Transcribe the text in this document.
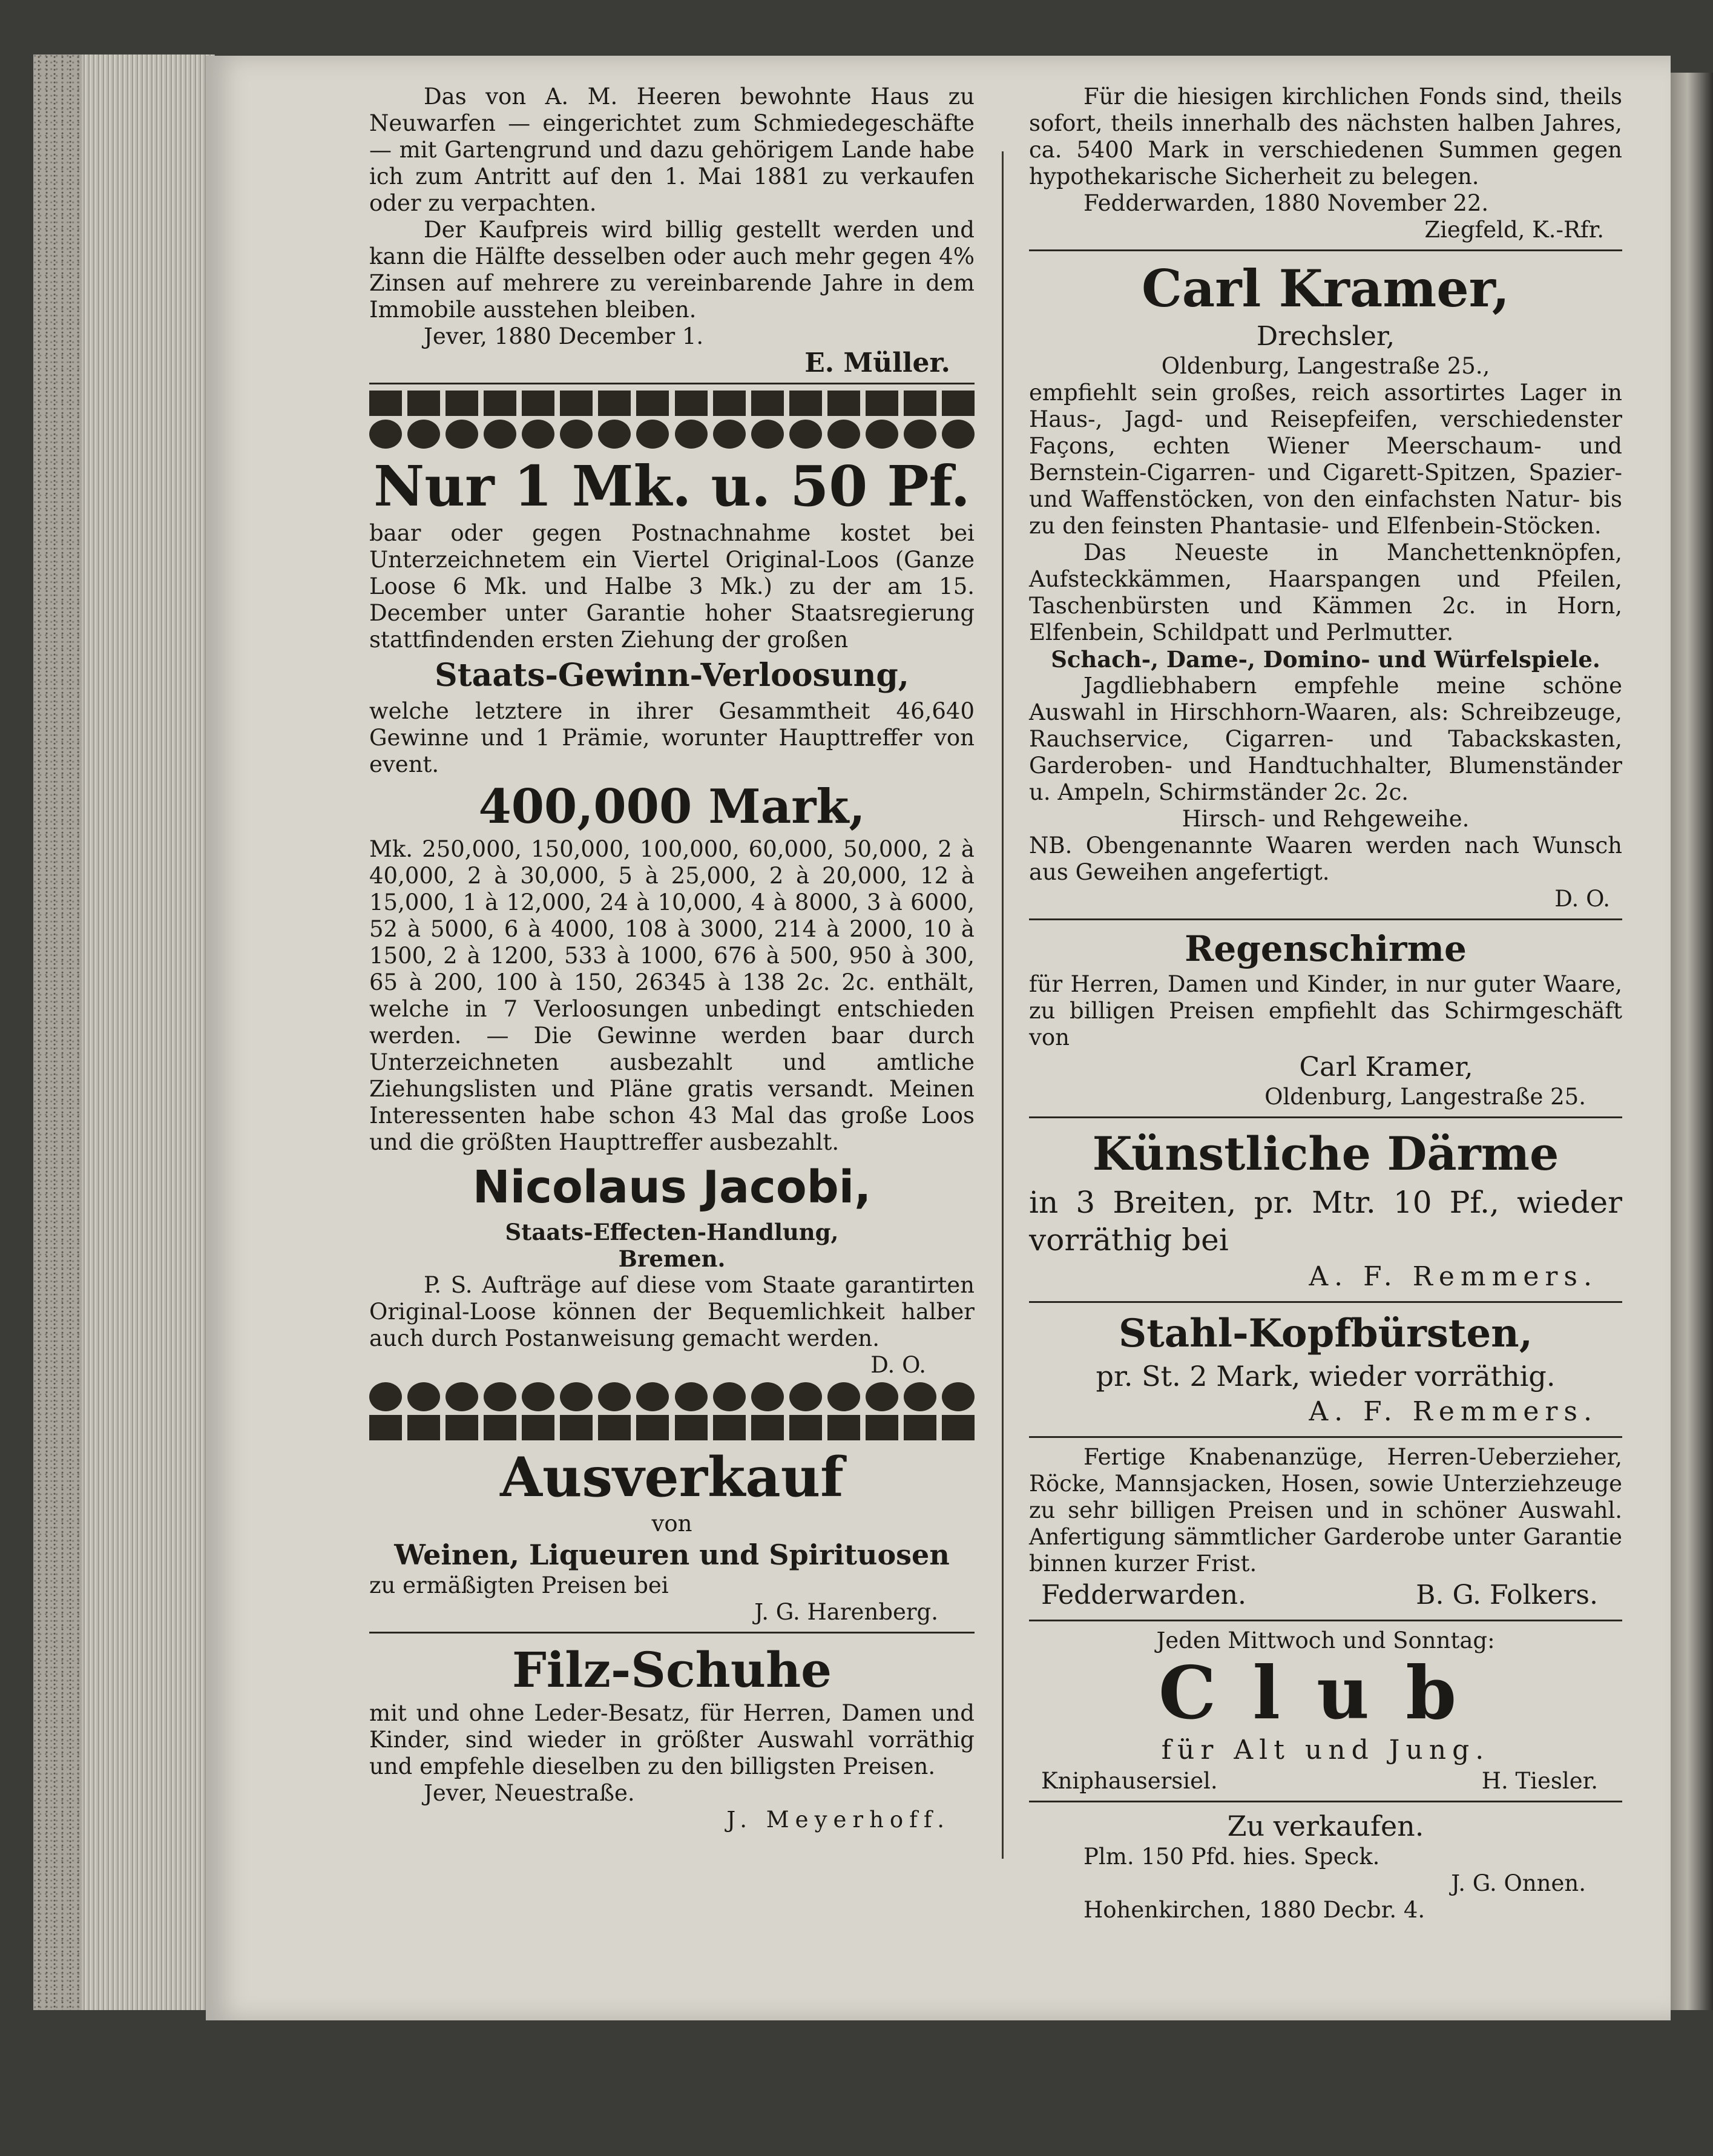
Das von A. M. Heeren bewohnte Haus zu Neuwarfen — eingerichtet zum Schmiedegeschäfte — mit Gartengrund und dazu gehörigem Lande habe ich zum Antritt auf den 1. Mai 1881 zu verkaufen oder zu verpachten.

Der Kaufpreis wird billig gestellt werden und kann die Hälfte desselben oder auch mehr gegen 4% Zinsen auf mehrere zu vereinbarende Jahre in dem Immobile ausstehen bleiben.

Jever, 1880 December 1.

E. Müller.

Nur 1 Mk. u. 50 Pf.

baar oder gegen Postnachnahme kostet bei Unterzeichnetem ein Viertel Original-Loos (Ganze Loose 6 Mk. und Halbe 3 Mk.) zu der am 15. December unter Garantie hoher Staatsregierung stattfindenden ersten Ziehung der großen

Staats-Gewinn-Verloosung,

welche letztere in ihrer Gesammtheit 46,640 Gewinne und 1 Prämie, worunter Haupttreffer von event.

400,000 Mark,

Mk. 250,000, 150,000, 100,000, 60,000, 50,000, 2 à 40,000, 2 à 30,000, 5 à 25,000, 2 à 20,000, 12 à 15,000, 1 à 12,000, 24 à 10,000, 4 à 8000, 3 à 6000, 52 à 5000, 6 à 4000, 108 à 3000, 214 à 2000, 10 à 1500, 2 à 1200, 533 à 1000, 676 à 500, 950 à 300, 65 à 200, 100 à 150, 26345 à 138 2c. 2c. enthält, welche in 7 Verloosungen unbedingt entschieden werden. — Die Gewinne werden baar durch Unterzeichneten ausbezahlt und amtliche Ziehungslisten und Pläne gratis versandt. Meinen Interessenten habe schon 43 Mal das große Loos und die größten Haupttreffer ausbezahlt.

Nicolaus Jacobi,

Staats-Effecten-Handlung,

Bremen.

P. S. Aufträge auf diese vom Staate garantirten Original-Loose können der Bequemlichkeit halber auch durch Postanweisung gemacht werden.

D. O.

Ausverkauf

von

Weinen, Liqueuren und Spirituosen

zu ermäßigten Preisen bei

J. G. Harenberg.

Filz-Schuhe

mit und ohne Leder-Besatz, für Herren, Damen und Kinder, sind wieder in größter Auswahl vorräthig und empfehle dieselben zu den billigsten Preisen.

Jever, Neuestraße.

J. Meyerhoff.

Für die hiesigen kirchlichen Fonds sind, theils sofort, theils innerhalb des nächsten halben Jahres, ca. 5400 Mark in verschiedenen Summen gegen hypothekarische Sicherheit zu belegen.

Fedderwarden, 1880 November 22.

Ziegfeld, K.-Rfr.

Carl Kramer,

Drechsler,

Oldenburg, Langestraße 25.,

empfiehlt sein großes, reich assortirtes Lager in Haus-, Jagd- und Reisepfeifen, verschiedenster Façons, echten Wiener Meerschaum- und Bernstein-Cigarren- und Cigarett-Spitzen, Spazier- und Waffenstöcken, von den einfachsten Natur- bis zu den feinsten Phantasie- und Elfenbein-Stöcken.

Das Neueste in Manchettenknöpfen, Aufsteckkämmen, Haarspangen und Pfeilen, Taschenbürsten und Kämmen 2c. in Horn, Elfenbein, Schildpatt und Perlmutter.

Schach-, Dame-, Domino- und Würfelspiele.

Jagdliebhabern empfehle meine schöne Auswahl in Hirschhorn-Waaren, als: Schreibzeuge, Rauchservice, Cigarren- und Tabackskasten, Garderoben- und Handtuchhalter, Blumenständer u. Ampeln, Schirmständer 2c. 2c.

Hirsch- und Rehgeweihe.

NB. Obengenannte Waaren werden nach Wunsch aus Geweihen angefertigt.

D. O.

Regenschirme

für Herren, Damen und Kinder, in nur guter Waare, zu billigen Preisen empfiehlt das Schirmgeschäft von

Carl Kramer,

Oldenburg, Langestraße 25.

Künstliche Därme

in 3 Breiten, pr. Mtr. 10 Pf., wieder vorräthig bei

A. F. Remmers.

Stahl-Kopfbürsten,

pr. St. 2 Mark, wieder vorräthig.

A. F. Remmers.

Fertige Knabenanzüge, Herren-Ueberzieher, Röcke, Mannsjacken, Hosen, sowie Unterziehzeuge zu sehr billigen Preisen und in schöner Auswahl. Anfertigung sämmtlicher Garderobe unter Garantie binnen kurzer Frist.

Fedderwarden.	B. G. Folkers.

Jeden Mittwoch und Sonntag:

Club

für Alt und Jung.

Kniphausersiel.	H. Tiesler.

Zu verkaufen.

Plm. 150 Pfd. hies. Speck.

J. G. Onnen.

Hohenkirchen, 1880 Decbr. 4.
